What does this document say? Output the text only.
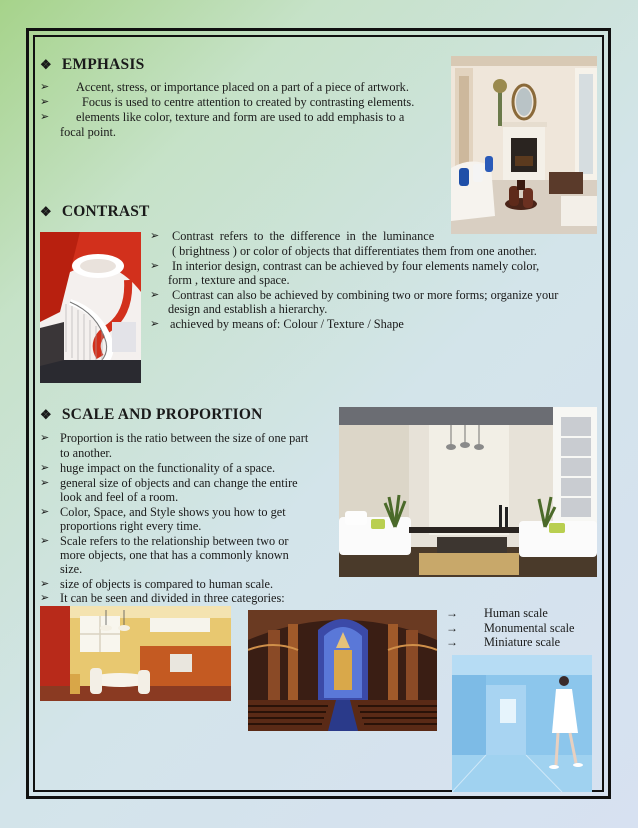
❖ EMPHASIS
➢ Accent, stress, or importance placed on a part of a piece of artwork.
➢	Focus is used to centre attention to created by contrasting elements.
➢ elements like color, texture and form are used to add emphasis to a
focal point.
❖ CONTRAST
➢ Contrast refers to the difference in the luminance
( brightness ) or color of objects that differentiates them from one another.
➢ In interior design, contrast can be achieved by four elements namely color,
form , texture and space.
➢ Contrast can also be achieved by combining two or more forms; organize your
design and establish a hierarchy.
➢ achieved by means of: Colour / Texture / Shape
❖ SCALE AND PROPORTION
➢ Proportion is the ratio between the size of one part
to another.
➢ huge impact on the functionality of a space.
➢ general size of objects and can change the entire
look and feel of a room.
➢ Color, Space, and Style shows you how to get
proportions right every time.
➢ Scale refers to the relationship between two or
more objects, one that has a commonly known
size.
➢ size of objects is compared to human scale.
➢ It can be seen and divided in three categories:
→ Human scale
→ Monumental scale
→ Miniature scale
